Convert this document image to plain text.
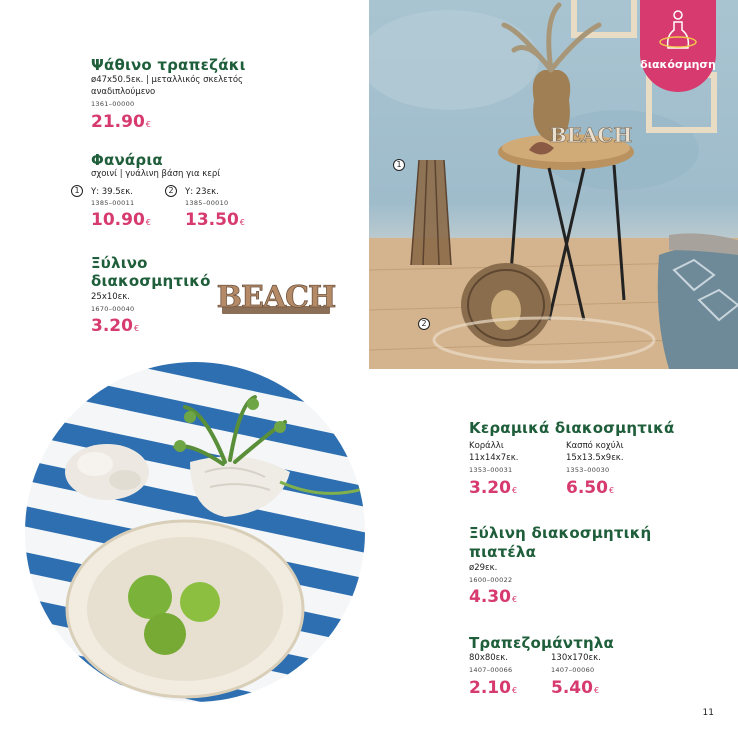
Ψάθινο τραπεζάκι
ø47x50.5εκ. | μεταλλικός σκελετός
αναδιπλούμενο
1361–00000
21.90€
Φανάρια
σχοινί | γυάλινη βάση για κερί
1	Υ: 39.5εκ.
1385–00011
10.90€
2	Υ: 23εκ.
1385–00010
13.50€
Ξύλινο
διακοσμητικό
25x10εκ.
1670–00040
3.20€
BEACH
BEACH
1
2
διακόσμηση
Κεραμικά διακοσμητικά
Κοράλλι
11x14x7εκ.
1353–00031
3.20€
Κασπό κοχύλι
15x13.5x9εκ.
1353–00030
6.50€
Ξύλινη διακοσμητική
πιατέλα
ø29εκ.
1600–00022
4.30€
Τραπεζομάντηλα
80x80εκ.
1407–00066
2.10€
130x170εκ.
1407–00060
5.40€
11
